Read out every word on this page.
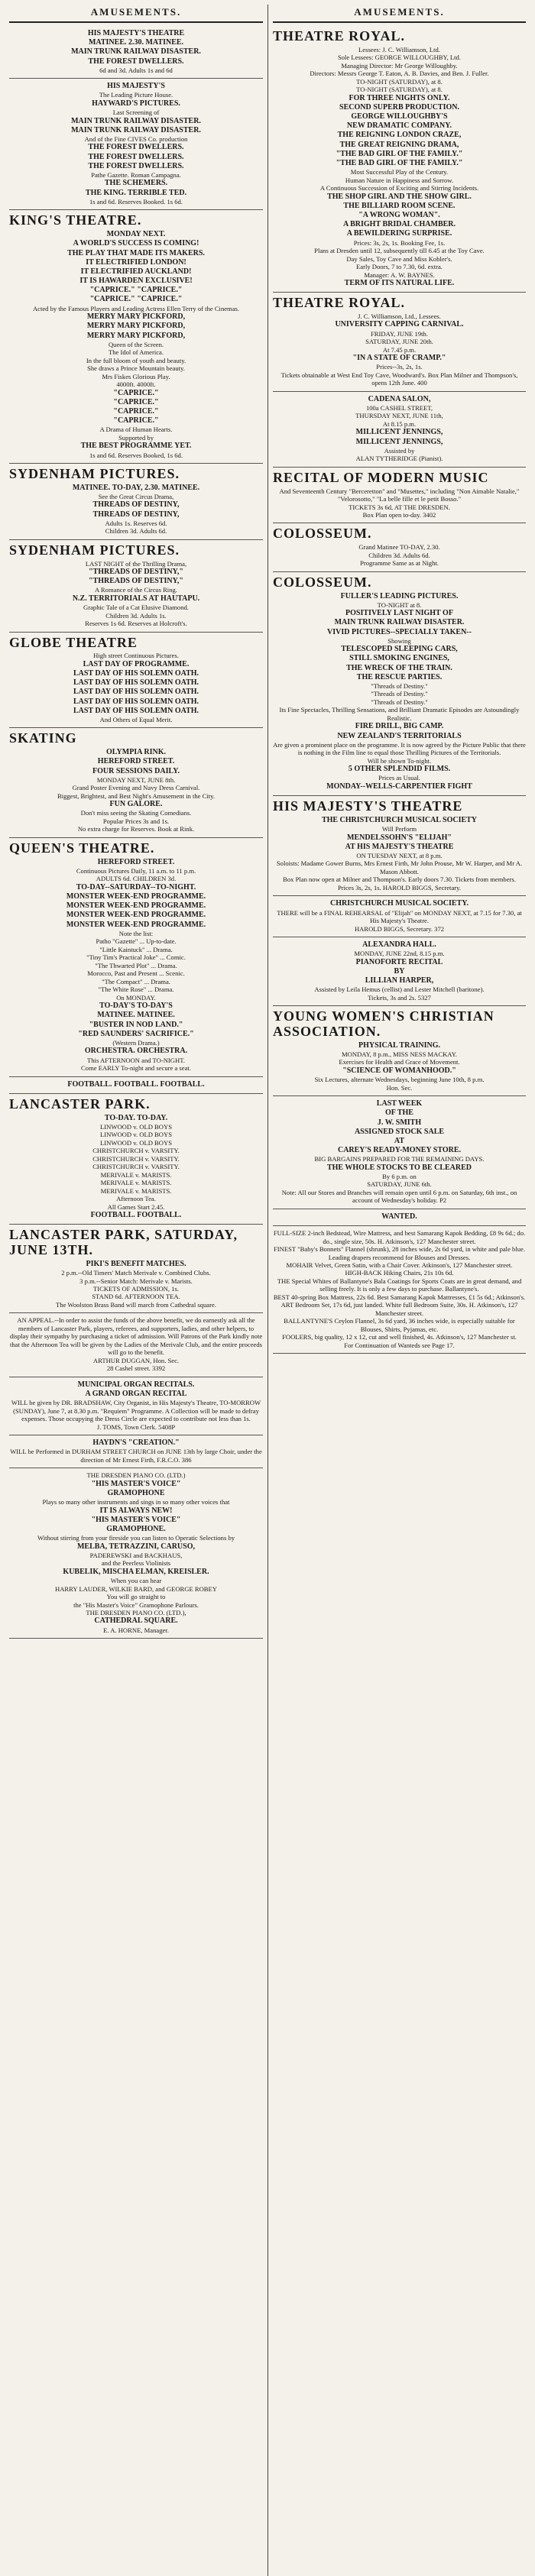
AMUSEMENTS.
HIS MAJESTY'S THEATRE
MATINEE. 2.30. MATINEE.
MAIN TRUNK RAILWAY DISASTER.
THE FOREST DWELLERS.
6d and 3d. Adults 1s and 6d
HIS MAJESTY'S
The Leading Picture House.
HAYWARD'S PICTURES.
Last Screening of
MAIN TRUNK RAILWAY DISASTER.
MAIN TRUNK RAILWAY DISASTER.
And of the Fine CIVES Co. production
THE FOREST DWELLERS.
THE FOREST DWELLERS.
THE FOREST DWELLERS.
Pathe Gazette. Roman Campagna.
THE SCHEMERS.
THE KING. TERRIBLE TED.
1s and 6d. Reserves Booked. 1s 6d.
KING'S THEATRE.
MONDAY NEXT.
A WORLD'S SUCCESS IS COMING!
THE PLAY THAT MADE ITS MAKERS.
IT ELECTRIFIED LONDON!
IT ELECTRIFIED AUCKLAND!
IT IS HAWARDEN EXCLUSIVE!
"CAPRICE." "CAPRICE."
"CAPRICE." "CAPRICE."
Acted by the Famous Players and Leading Actress Ellen Terry of the Cinemas.
MERRY MARY PICKFORD,
MERRY MARY PICKFORD,
MERRY MARY PICKFORD,
Queen of the Screen.
The Idol of America.
In the full bloom of youth and beauty.
She draws a Prince Mountain beauty.
Mrs Fiskes Glorious Play.
4000ft. 4000ft.
"CAPRICE."
"CAPRICE."
"CAPRICE."
"CAPRICE."
A Drama of Human Hearts.
Supported by
THE BEST PROGRAMME YET.
1s and 6d. Reserves Booked, 1s 6d.
SYDENHAM PICTURES.
MATINEE. TO-DAY, 2.30. MATINEE.
See the Great Circus Drama,
THREADS OF DESTINY,
THREADS OF DESTINY,
Adults 1s. Reserves 6d.
Children 3d. Adults 6d.
SYDENHAM PICTURES.
LAST NIGHT of the Thrilling Drama,
"THREADS OF DESTINY,"
"THREADS OF DESTINY,"
A Romance of the Circus Ring.
N.Z. TERRITORIALS AT HAUTAPU.
Graphic Tale of a Cat Elusive Diamond.
Children 3d. Adults 1s.
Reserves 1s 6d. Reserves at Holcroft's.
GLOBE THEATRE
High street Continuous Pictures.
LAST DAY OF PROGRAMME.
LAST DAY OF HIS SOLEMN OATH.
LAST DAY OF HIS SOLEMN OATH.
LAST DAY OF HIS SOLEMN OATH.
LAST DAY OF HIS SOLEMN OATH.
LAST DAY OF HIS SOLEMN OATH.
And Others of Equal Merit.
SKATING
OLYMPIA RINK.
HEREFORD STREET.
FOUR SESSIONS DAILY.
MONDAY NEXT, JUNE 8th.
Grand Poster Evening and Navy Dress Carnival.
Biggest, Brightest, and Best Night's Amusement in the City.
FUN GALORE.
Don't miss seeing the Skating Comedians.
Popular Prices 3s and 1s.
No extra charge for Reserves. Book at Rink.
QUEEN'S THEATRE.
HEREFORD STREET.
Continuous Pictures Daily, 11 a.m. to 11 p.m.
ADULTS 6d. CHILDREN 3d.
TO-DAY--SATURDAY--TO-NIGHT.
MONSTER WEEK-END PROGRAMME.
MONSTER WEEK-END PROGRAMME.
MONSTER WEEK-END PROGRAMME.
MONSTER WEEK-END PROGRAMME.
Note the list:
Patho "Gazette" ... Up-to-date.
"Little Kaintuck" ... Drama.
"Tiny Tim's Practical Joke" ... Comic.
"The Thwarted Plot" ... Drama.
Morocco, Past and Present ... Scenic.
"The Compact" ... Drama.
"The White Rose" ... Drama.
On MONDAY.
TO-DAY'S TO-DAY'S
MATINEE. MATINEE.
"BUSTER IN NOD LAND."
"RED SAUNDERS' SACRIFICE."
(Western Drama.)
ORCHESTRA. ORCHESTRA.
This AFTERNOON and TO-NIGHT.
Come EARLY To-night and secure a seat.
FOOTBALL. FOOTBALL. FOOTBALL.
LANCASTER PARK.
TO-DAY. TO-DAY.
LINWOOD v. OLD BOYS
LINWOOD v. OLD BOYS
LINWOOD v. OLD BOYS
CHRISTCHURCH v. VARSITY.
CHRISTCHURCH v. VARSITY.
CHRISTCHURCH v. VARSITY.
MERIVALE v. MARISTS.
MERIVALE v. MARISTS.
MERIVALE v. MARISTS.
Afternoon Tea.
All Games Start 2.45.
FOOTBALL. FOOTBALL.
LANCASTER PARK, SATURDAY, JUNE 13TH.
PIKI'S BENEFIT MATCHES.
2 p.m.--Old Timers' Match Merivale v. Combined Clubs.
3 p.m.--Senior Match: Merivale v. Marists.
TICKETS OF ADMISSION, 1s.
STAND 6d. AFTERNOON TEA.
The Woolston Brass Band will march from Cathedral square.
AN APPEAL.--In order to assist the funds of the above benefit, we do earnestly ask all the members of Lancaster Park, players, referees, and supporters, ladies, and other helpers, to display their sympathy by purchasing a ticket of admission. Will Patrons of the Park kindly note that the Afternoon Tea will be given by the Ladies of the Merivale Club, and the entire proceeds will go to the benefit.
ARTHUR DUGGAN, Hon. Sec.
28 Cashel street. 3392
MUNICIPAL ORGAN RECITALS.
A GRAND ORGAN RECITAL
WILL be given by DR. BRADSHAW, City Organist, in His Majesty's Theatre, TO-MORROW (SUNDAY), June 7, at 8.30 p.m. "Requiem" Programme. A Collection will be made to defray expenses. Those occupying the Dress Circle are expected to contribute not less than 1s.
J. TOMS, Town Clerk. 5408P
HAYDN'S "CREATION."
WILL be Performed in DURHAM STREET CHURCH on JUNE 13th by large Choir, under the direction of Mr Ernest Firth, F.R.C.O. 386
THE DRESDEN PIANO CO. (LTD.)
"HIS MASTER'S VOICE"
GRAMOPHONE
Plays so many other instruments and sings in so many other voices that
IT IS ALWAYS NEW!
"HIS MASTER'S VOICE"
GRAMOPHONE.
Without stirring from your fireside you can listen to Operatic Selections by
MELBA, TETRAZZINI, CARUSO,
PADEREWSKI and BACKHAUS,
and the Peerless Violinists
KUBELIK, MISCHA ELMAN, KREISLER.
When you can hear
HARRY LAUDER, WILKIE BARD, and GEORGE ROBEY
You will go straight to
the "His Master's Voice" Gramophone Parlours.
THE DRESDEN PIANO CO. (LTD.),
CATHEDRAL SQUARE.
E. A. HORNE, Manager.
AMUSEMENTS.
THEATRE ROYAL.
Lessees: J. C. Williamson, Ltd.
Sole Lessees: GEORGE WILLOUGHBY, Ltd.
Managing Director: Mr George Willoughby.
Directors: Messrs George T. Eaton, A. B. Davies, and Ben. J. Fuller.
TO-NIGHT (SATURDAY), at 8.
TO-NIGHT (SATURDAY), at 8.
FOR THREE NIGHTS ONLY.
SECOND SUPERB PRODUCTION.
GEORGE WILLOUGHBY'S
NEW DRAMATIC COMPANY.
THE REIGNING LONDON CRAZE,
THE GREAT REIGNING DRAMA,
"THE BAD GIRL OF THE FAMILY."
"THE BAD GIRL OF THE FAMILY."
Most Successful Play of the Century.
Human Nature in Happiness and Sorrow.
A Continuous Succession of Exciting and Stirring Incidents.
THE SHOP GIRL AND THE SHOW GIRL.
THE BILLIARD ROOM SCENE.
"A WRONG WOMAN".
A BRIGHT BRIDAL CHAMBER.
A BEWILDERING SURPRISE.
Prices: 3s, 2s, 1s. Booking Fee, 1s.
Plans at Dresden until 12, subsequently till 6.45 at the Toy Cave.
Day Sales, Toy Cave and Miss Kobler's.
Early Doors, 7 to 7.30, 6d. extra.
Manager: A. W. BAYNES.
TERM OF ITS NATURAL LIFE.
THEATRE ROYAL.
J. C. Williamson, Ltd., Lessees.
UNIVERSITY CAPPING CARNIVAL.
FRIDAY, JUNE 19th.
SATURDAY, JUNE 20th.
At 7.45 p.m.
"IN A STATE OF CRAMP."
Prices--3s, 2s, 1s.
Tickets obtainable at West End Toy Cave, Woodward's. Box Plan Milner and Thompson's, opens 12th June. 400
CADENA SALON,
100a CASHEL STREET,
THURSDAY NEXT, JUNE 11th,
At 8.15 p.m.
MILLICENT JENNINGS,
MILLICENT JENNINGS,
Assisted by
ALAN TYTHERIDGE (Pianist).
RECITAL OF MODERN MUSIC
And Seventeenth Century "Berceretton" and "Musettes," including "Non Aimable Natalie," "Velorosotto," "La belle fille et le petit Bosso."
TICKETS 3s 6d, AT THE DRESDEN.
Box Plan open to-day. 3402
COLOSSEUM.
Grand Matinee TO-DAY, 2.30.
Children 3d. Adults 6d.
Programme Same as at Night.
COLOSSEUM.
FULLER'S LEADING PICTURES.
TO-NIGHT at 8.
POSITIVELY LAST NIGHT OF
MAIN TRUNK RAILWAY DISASTER.
VIVID PICTURES--SPECIALLY TAKEN--
Showing
TELESCOPED SLEEPING CARS,
STILL SMOKING ENGINES,
THE WRECK OF THE TRAIN.
THE RESCUE PARTIES.
"Threads of Destiny."
"Threads of Destiny."
"Threads of Destiny."
Its Fine Spectacles, Thrilling Sensations, and Brilliant Dramatic Episodes are Astoundingly Realistic.
FIRE DRILL, BIG CAMP.
NEW ZEALAND'S TERRITORIALS
Are given a prominent place on the programme. It is now agreed by the Picture Public that there is nothing in the Film line to equal those Thrilling Pictures of the Territorials.
Will be shown To-night.
5 OTHER SPLENDID FILMS.
Prices as Usual.
MONDAY--WELLS-CARPENTIER FIGHT
HIS MAJESTY'S THEATRE
THE CHRISTCHURCH MUSICAL SOCIETY
Will Perform
MENDELSSOHN'S "ELIJAH"
AT HIS MAJESTY'S THEATRE
ON TUESDAY NEXT, at 8 p.m.
Soloists: Madame Gower Burns, Mrs Ernest Firth, Mr John Prouse, Mr W. Harper, and Mr A. Mason Abbott.
Box Plan now open at Milner and Thompson's. Early doors 7.30. Tickets from members.
Prices 3s, 2s, 1s. HAROLD BIGGS, Secretary.
CHRISTCHURCH MUSICAL SOCIETY.
THERE will be a FINAL REHEARSAL of "Elijah" on MONDAY NEXT, at 7.15 for 7.30, at His Majesty's Theatre.
HAROLD BIGGS, Secretary. 372
ALEXANDRA HALL.
MONDAY, JUNE 22nd, 8.15 p.m.
PIANOFORTE RECITAL
BY
LILLIAN HARPER,
Assisted by Leila Hemus (cellist) and Lester Mitchell (baritone).
Tickets, 3s and 2s. 5327
YOUNG WOMEN'S CHRISTIAN ASSOCIATION.
PHYSICAL TRAINING.
MONDAY, 8 p.m., MISS NESS MACKAY.
Exercises for Health and Grace of Movement.
"SCIENCE OF WOMANHOOD."
Six Lectures, alternate Wednesdays, beginning June 10th, 8 p.m.
Hon. Sec.
LAST WEEK
OF THE
J. W. SMITH
ASSIGNED STOCK SALE
AT
CAREY'S READY-MONEY STORE.
BIG BARGAINS PREPARED FOR THE REMAINING DAYS.
THE WHOLE STOCKS TO BE CLEARED
By 6 p.m. on
SATURDAY, JUNE 6th.
Note: All our Stores and Branches will remain open until 6 p.m. on Saturday, 6th inst., on account of Wednesday's holiday. P2
WANTED.
FULL-SIZE 2-inch Bedstead, Wire Mattress, and best Samarang Kapok Bedding, £8 9s 6d.; do. do., single size, 50s. H. Atkinson's, 127 Manchester street.
FINEST "Baby's Bonnets" Flannel (shrunk), 28 inches wide, 2s 6d yard, in white and pale blue. Leading drapers recommend for Blouses and Dresses.
MOHAIR Velvet, Green Satin, with a Chair Cover. Atkinson's, 127 Manchester street.
HIGH-BACK Hiking Chairs, 21s 10s 6d.
THE Special Whites of Ballantyne's Bala Coatings for Sports Coats are in great demand, and selling freely. It is only a few days to purchase. Ballantyne's.
BEST 40-spring Box Mattress, 22s 6d. Best Samarang Kapok Mattresses, £1 5s 6d.; Atkinson's.
ART Bedroom Set, 17s 6d, just landed. White full Bedroom Suite, 30s. H. Atkinson's, 127 Manchester street.
BALLANTYNE'S Ceylon Flannel, 3s 6d yard, 36 inches wide, is especially suitable for Blouses, Shirts, Pyjamas, etc.
FOOLERS, big quality, 12 x 12, cut and well finished, 4s. Atkinson's, 127 Manchester st.
For Continuation of Wanteds see Page 17.
